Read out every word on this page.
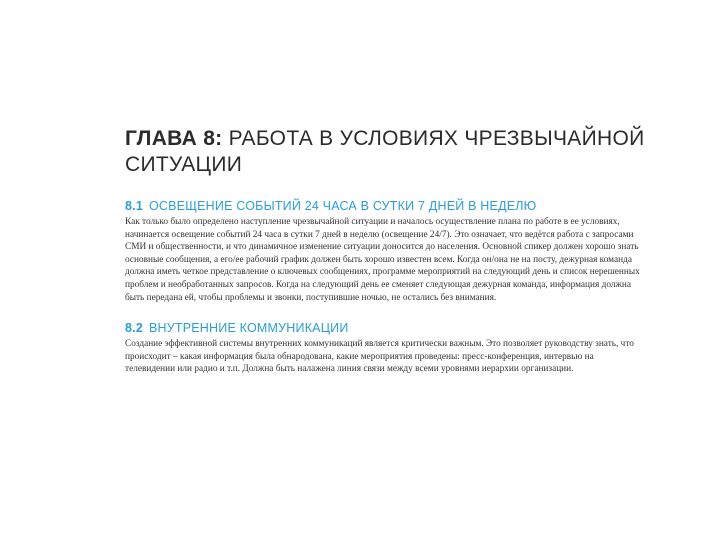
ГЛАВА 8: РАБОТА В УСЛОВИЯХ ЧРЕЗВЫЧАЙНОЙ СИТУАЦИИ
8.1 ОСВЕЩЕНИЕ СОБЫТИЙ 24 ЧАСА В СУТКИ 7 ДНЕЙ В НЕДЕЛЮ

Как только было определено наступление чрезвычайной ситуации и началось осуществление плана по работе в ее условиях, начинается освещение событий 24 часа в сутки 7 дней в неделю (освещение 24/7). Это означает, что ведётся работа с запросами СМИ и общественности, и что динамичное изменение ситуации доносится до населения. Основной спикер должен хорошо знать основные сообщения, а его/ее рабочий график должен быть хорошо известен всем. Когда он/она не на посту, дежурная команда должна иметь четкое представление о ключевых сообщениях, программе мероприятий на следующий день и список нерешенных проблем и необработанных запросов. Когда на следующий день ее сменяет следующая дежурная команда, информация должна быть передана ей, чтобы проблемы и звонки, поступившие ночью, не остались без внимания.

8.2 ВНУТРЕННИЕ КОММУНИКАЦИИ

Создание эффективной системы внутренних коммуникаций является критически важным. Это позволяет руководству знать, что происходит – какая информация была обнародована, какие мероприятия проведены: пресс-конференция, интервью на телевидении или радио и т.п. Должна быть налажена линия связи между всеми уровнями иерархии организации.
